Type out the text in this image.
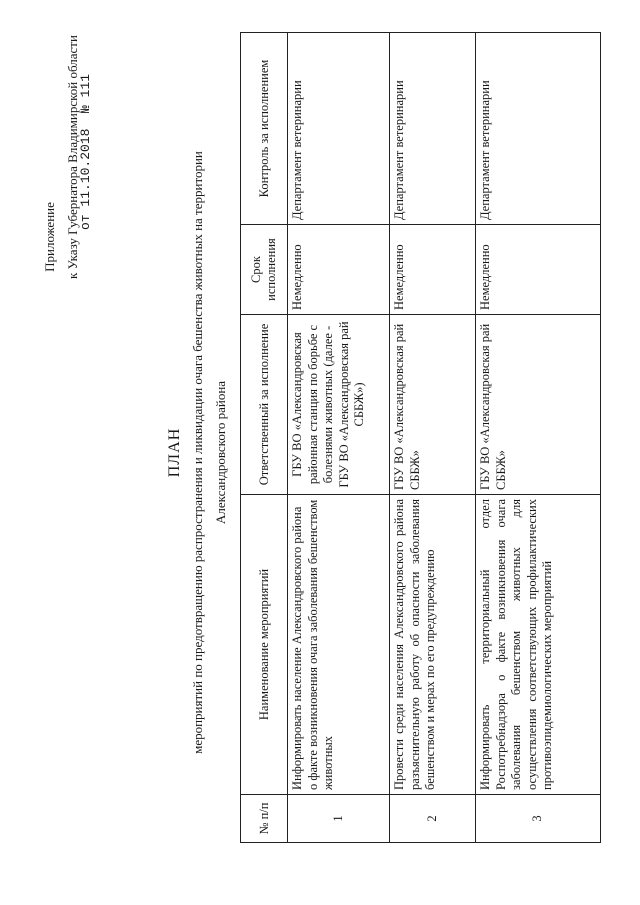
Приложение к Указу Губернатора Владимирской области
от 11.10.2018  № 111
ПЛАН мероприятий по предотвращению распространения и ликвидации очага бешенства животных на территории Александровского района
№ п/п	Наименование мероприятий	Ответственный за исполнение	Срок исполнения	Контроль за исполнением
1	Информировать население Александровского района о факте возникновения очага заболевания бешенством животных	ГБУ ВО «Александровская районная станция по борьбе с болезнями животных (далее - ГБУ ВО «Александровская рай СББЖ»)	Немедленно	Департамент ветеринарии
2	Провести среди населения Александровского района разъяснительную работу об опасности заболевания бешенством и мерах по его предупреждению	ГБУ ВО «Александровская рай СББЖ»	Немедленно	Департамент ветеринарии
3	Информировать территориальный отдел Роспотребнадзора о факте возникновения очага заболевания бешенством животных для осуществления соответствующих профилактических противоэпидемиологических мероприятий	ГБУ ВО «Александровская рай СББЖ»	Немедленно	Департамент ветеринарии
